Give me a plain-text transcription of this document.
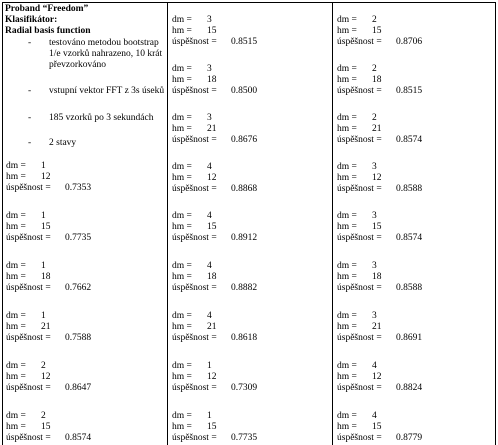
Proband “Freedom”
Klasifikátor:
Radial basis function
- testováno metodou bootstrap 1/e vzorků nahrazeno, 10 krát převzorkováno
- vstupní vektor FFT z 3s úseků
- 185 vzorků po 3 sekundách
- 2 stavy
dm = 1
hm = 12
úspěšnost = 0.7353
dm = 1
hm = 15
úspěšnost = 0.7735
dm = 1
hm = 18
úspěšnost = 0.7662
dm = 1
hm = 21
úspěšnost = 0.7588
dm = 2
hm = 12
úspěšnost = 0.8647
dm = 2
hm = 15
úspěšnost = 0.8574
dm = 3
hm = 15
úspěšnost = 0.8515
dm = 3
hm = 18
úspěšnost = 0.8500
dm = 3
hm = 21
úspěšnost = 0.8676
dm = 4
hm = 12
úspěšnost = 0.8868
dm = 4
hm = 15
úspěšnost = 0.8912
dm = 4
hm = 18
úspěšnost = 0.8882
dm = 4
hm = 21
úspěšnost = 0.8618
dm = 1
hm = 12
úspěšnost = 0.7309
dm = 1
hm = 15
úspěšnost = 0.7735
dm = 2
hm = 15
úspěšnost = 0.8706
dm = 2
hm = 18
úspěšnost = 0.8515
dm = 2
hm = 21
úspěšnost = 0.8574
dm = 3
hm = 12
úspěšnost = 0.8588
dm = 3
hm = 15
úspěšnost = 0.8574
dm = 3
hm = 18
úspěšnost = 0.8588
dm = 3
hm = 21
úspěšnost = 0.8691
dm = 4
hm = 12
úspěšnost = 0.8824
dm = 4
hm = 15
úspěšnost = 0.8779
